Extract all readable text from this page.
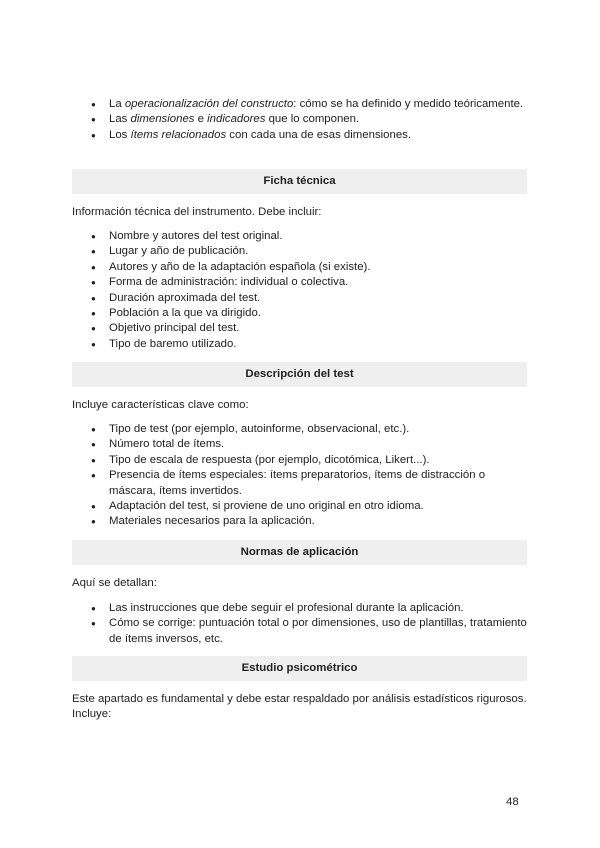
● La operacionalización del constructo: cómo se ha definido y medido teóricamente.
● Las dimensiones e indicadores que lo componen.
● Los ítems relacionados con cada una de esas dimensiones.
Ficha técnica

Información técnica del instrumento. Debe incluir:

● Nombre y autores del test original.
● Lugar y año de publicación.
● Autores y año de la adaptación española (si existe).
● Forma de administración: individual o colectiva.
● Duración aproximada del test.
● Población a la que va dirigido.
● Objetivo principal del test.
● Tipo de baremo utilizado.
Descripción del test

Incluye características clave como:

● Tipo de test (por ejemplo, autoinforme, observacional, etc.).
● Número total de ítems.
● Tipo de escala de respuesta (por ejemplo, dicotómica, Likert...).
● Presencia de ítems especiales: ítems preparatorios, ítems de distracción o máscara, ítems invertidos.
● Adaptación del test, si proviene de uno original en otro idioma.
● Materiales necesarios para la aplicación.
Normas de aplicación

Aquí se detallan:

● Las instrucciones que debe seguir el profesional durante la aplicación.
● Cómo se corrige: puntuación total o por dimensiones, uso de plantillas, tratamiento de ítems inversos, etc.
Estudio psicométrico

Este apartado es fundamental y debe estar respaldado por análisis estadísticos rigurosos. Incluye:

48
